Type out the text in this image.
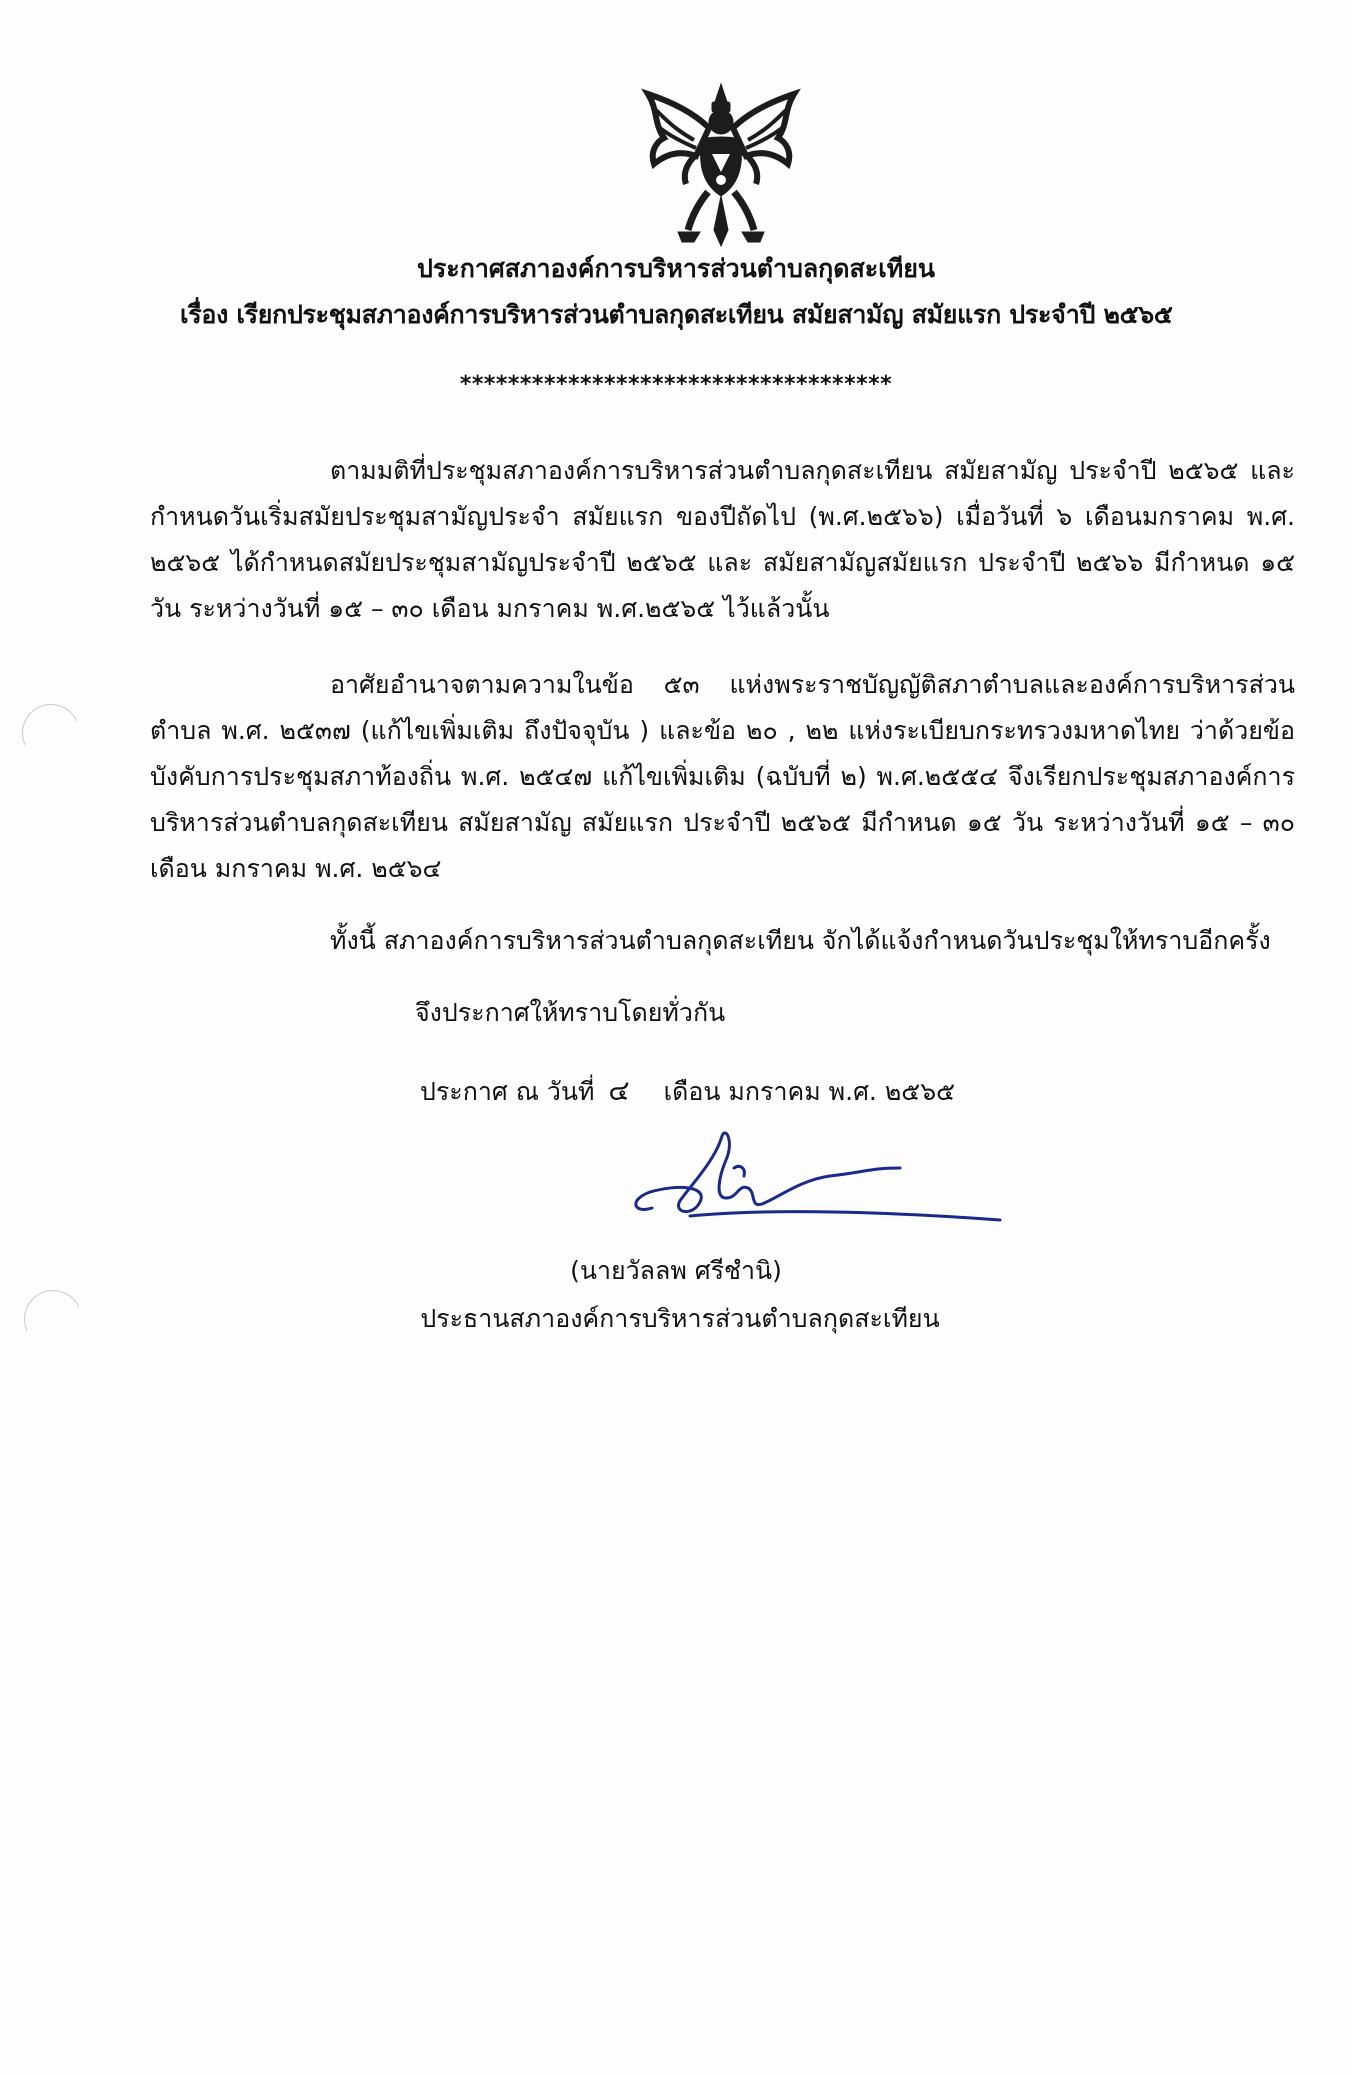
ประกาศสภาองค์การบริหารส่วนตำบลกุดสะเทียน
เรื่อง เรียกประชุมสภาองค์การบริหารส่วนตำบลกุดสะเทียน สมัยสามัญ สมัยแรก ประจำปี ๒๕๖๕
************************************
ตามมติที่ประชุมสภาองค์การบริหารส่วนตำบลกุดสะเทียน สมัยสามัญ ประจำปี ๒๕๖๕ และกำหนดวันเริ่มสมัยประชุมสามัญประจำ สมัยแรก ของปีถัดไป (พ.ศ.๒๕๖๖) เมื่อวันที่ ๖ เดือนมกราคม พ.ศ. ๒๕๖๕ ได้กำหนดสมัยประชุมสามัญประจำปี ๒๕๖๕ และ สมัยสามัญสมัยแรก ประจำปี ๒๕๖๖ มีกำหนด ๑๕ วัน ระหว่างวันที่ ๑๕ – ๓๐ เดือน มกราคม พ.ศ.๒๕๖๕ ไว้แล้วนั้น
อาศัยอำนาจตามความในข้อ ๕๓ แห่งพระราชบัญญัติสภาตำบลและองค์การบริหารส่วนตำบล พ.ศ. ๒๕๓๗ (แก้ไขเพิ่มเติม ถึงปัจจุบัน ) และข้อ ๒๐ , ๒๒ แห่งระเบียบกระทรวงมหาดไทย ว่าด้วยข้อบังคับการประชุมสภาท้องถิ่น พ.ศ. ๒๕๔๗ แก้ไขเพิ่มเติม (ฉบับที่ ๒) พ.ศ.๒๕๕๔ จึงเรียกประชุมสภาองค์การบริหารส่วนตำบลกุดสะเทียน สมัยสามัญ สมัยแรก ประจำปี ๒๕๖๕ มีกำหนด ๑๕ วัน ระหว่างวันที่ ๑๕ – ๓๐ เดือน มกราคม พ.ศ. ๒๕๖๔
ทั้งนี้ สภาองค์การบริหารส่วนตำบลกุดสะเทียน จักได้แจ้งกำหนดวันประชุมให้ทราบอีกครั้ง
จึงประกาศให้ทราบโดยทั่วกัน
ประกาศ ณ วันที่ ๔ เดือน มกราคม พ.ศ. ๒๕๖๕
(นายวัลลพ ศรีชำนิ)
ประธานสภาองค์การบริหารส่วนตำบลกุดสะเทียน
